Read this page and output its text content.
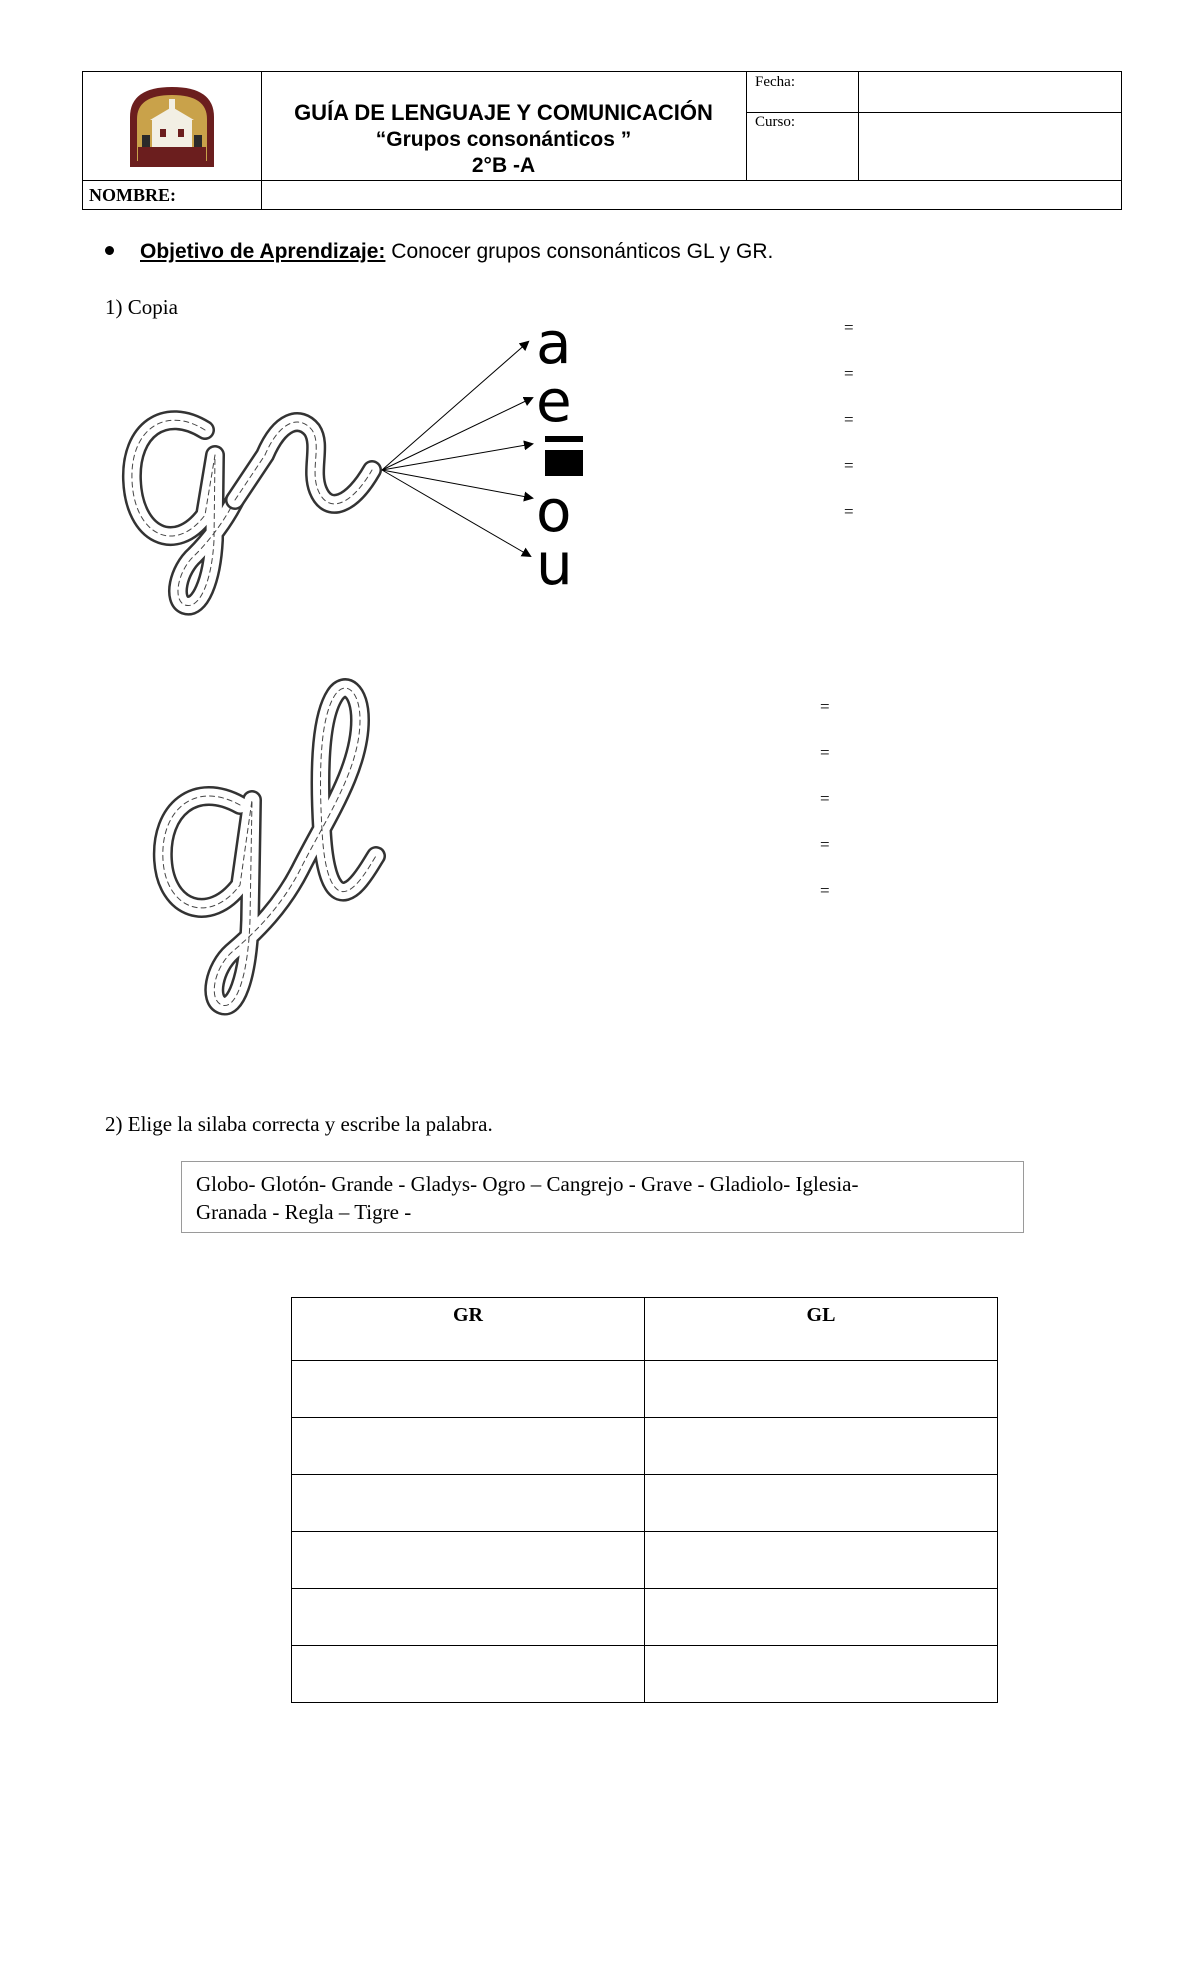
GUÍA DE LENGUAJE Y COMUNICACIÓN
“Grupos consonánticos ”
2°B -A
Fecha:
Curso:
NOMBRE:
Objetivo de Aprendizaje: Conocer grupos consonánticos GL y GR.
1) Copia
a
e
o
u
=
=
=
=
=
=
=
=
=
=
2) Elige la silaba correcta y escribe la palabra.
Globo- Glotón- Grande - Gladys- Ogro – Cangrejo - Grave - Gladiolo- Iglesia-
Granada - Regla – Tigre -
GR	GL
